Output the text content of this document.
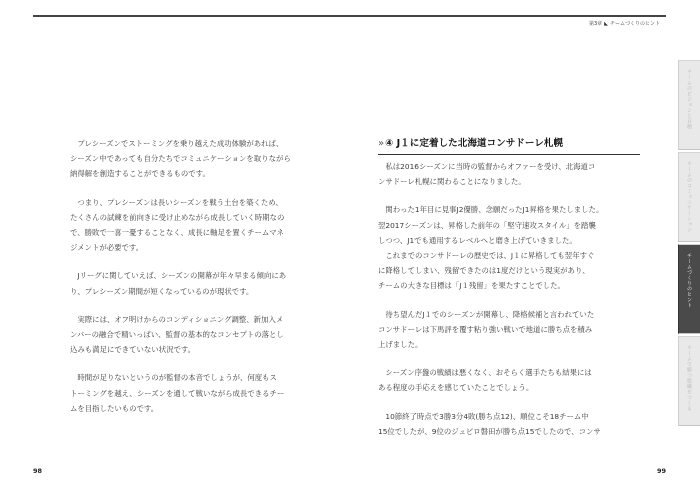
第3章 ◣ チームづくりのヒント

プレシーズンでストーミングを乗り越えた成功体験があれば、
シーズン中であっても自分たちでコミュニケーションを取りながら
納得解を創造することができるものです。

つまり、プレシーズンは長いシーズンを戦う土台を築くため、
たくさんの試練を前向きに受け止めながら成長していく時期なの
で、勝敗で一喜一憂することなく、成長に軸足を置くチームマネ
ジメントが必要です。

Jリーグに関していえば、シーズンの開幕が年々早まる傾向にあ
り、プレシーズン期間が短くなっているのが現状です。

実際には、オフ明けからのコンディショニング調整、新加入メ
ンバーの融合で精いっぱい、監督の基本的なコンセプトの落とし
込みも満足にできていない状況です。

時間が足りないというのが監督の本音でしょうが、何度もス
トーミングを越え、シーズンを通して戦いながら成長できるチー
ムを目指したいものです。

» ④ J１に定着した北海道コンサドーレ札幌

私は2016シーズンに当時の監督からオファーを受け、北海道コ
ンサドーレ札幌に関わることになりました。

関わった1年目に見事J2優勝、念願だったJ1昇格を果たしました。
翌2017シーズンは、昇格した前年の「堅守速攻スタイル」を踏襲
しつつ、J1でも通用するレベルへと磨き上げていきました。
　これまでのコンサドーレの歴史では、J１に昇格しても翌年すぐ
に降格してしまい、残留できたのは1度だけという現実があり、
チームの大きな目標は「J１残留」を果たすことでした。

待ち望んだJ１でのシーズンが開幕し、降格候補と言われていた
コンサドーレは下馬評を覆す粘り強い戦いで地道に勝ち点を積み
上げました。

シーズン序盤の戦績は悪くなく、おそらく選手たちも結果には
ある程度の手応えを感じていたことでしょう。

10節終了時点で3勝3分4敗(勝ち点12)、順位こそ18チーム中
15位でしたが、9位のジュビロ磐田が勝ち点15でしたので、コンサ

98	99
チームのビジョンと目標
チームのコミュニケーション
チームづくりのヒント
チームで勝つ組織をつくる
